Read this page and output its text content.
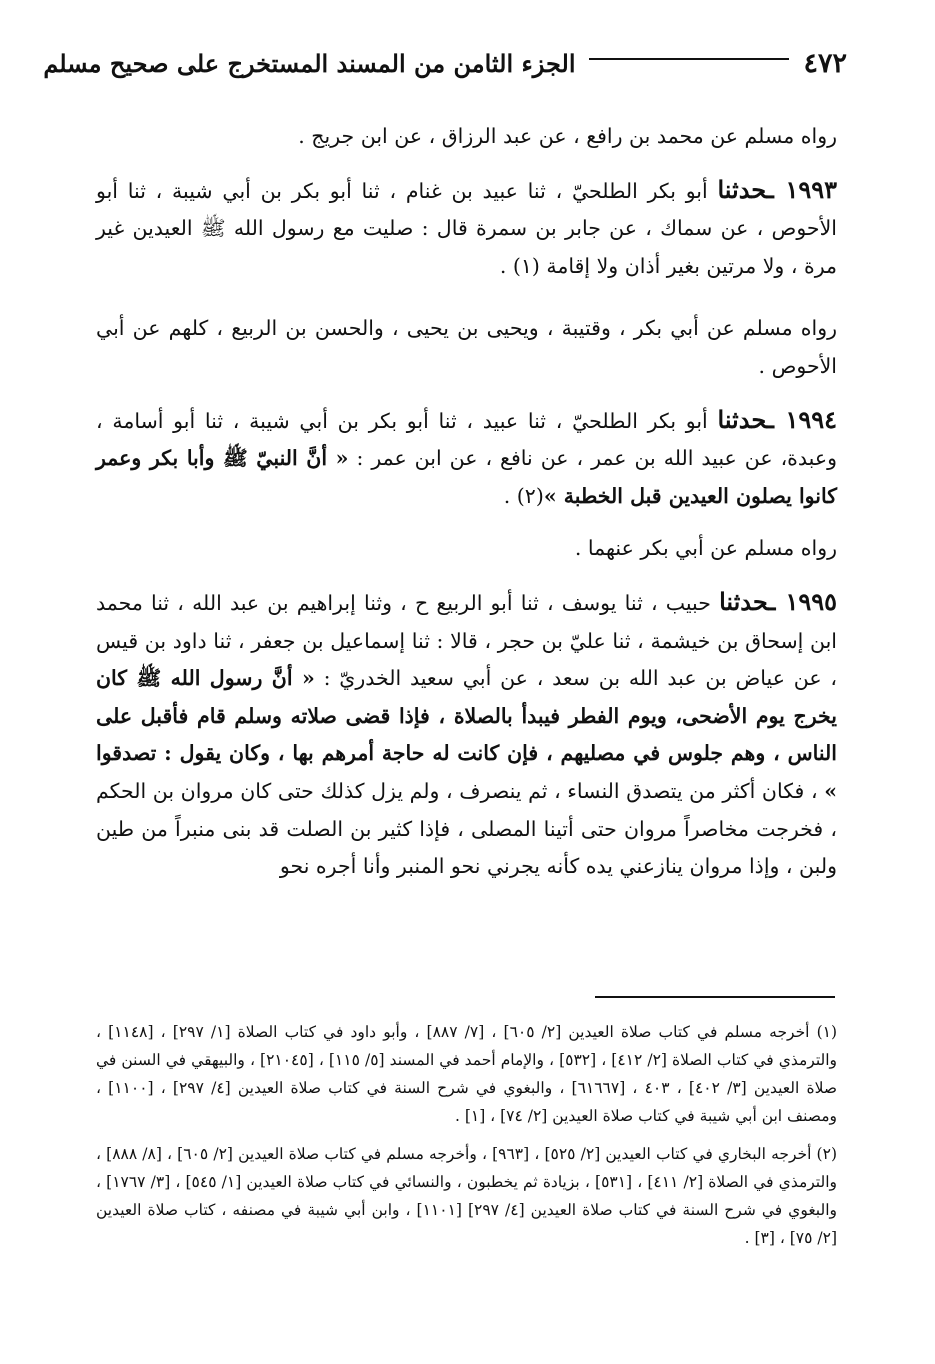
٤٧٢
الجزء الثامن من المسند المستخرج على صحيح مسلم

رواه مسلم عن محمد بن رافع ، عن عبد الرزاق ، عن ابن جريج .

١٩٩٣ ـحدثنا أبو بكر الطلحيّ ، ثنا عبيد بن غنام ، ثنا أبو بكر بن أبي شيبة ، ثنا أبو الأحوص ، عن سماك ، عن جابر بن سمرة قال : صليت مع رسول الله ﷺ العيدين غير مرة ، ولا مرتين بغير أذان ولا إقامة (١) .

رواه مسلم عن أبي بكر ، وقتيبة ، ويحيى بن يحيى ، والحسن بن الربيع ، كلهم عن أبي الأحوص .

١٩٩٤ ـحدثنا أبو بكر الطلحيّ ، ثنا عبيد ، ثنا أبو بكر بن أبي شيبة ، ثنا أبو أسامة ، وعبدة، عن عبيد الله بن عمر ، عن نافع ، عن ابن عمر : « أنَّ النبيّ ﷺ وأبا بكر وعمر كانوا يصلون العيدين قبل الخطبة »(٢) .

رواه مسلم عن أبي بكر عنهما .

١٩٩٥ ـحدثنا حبيب ، ثنا يوسف ، ثنا أبو الربيع ح ، وثنا إبراهيم بن عبد الله ، ثنا محمد ابن إسحاق بن خيشمة ، ثنا عليّ بن حجر ، قالا : ثنا إسماعيل بن جعفر ، ثنا داود بن قيس ، عن عياض بن عبد الله بن سعد ، عن أبي سعيد الخدريّ : « أنَّ رسول الله ﷺ كان يخرج يوم الأضحى، ويوم الفطر فيبدأ بالصلاة ، فإذا قضى صلاته وسلم قام فأقبل على الناس ، وهم جلوس في مصليهم ، فإن كانت له حاجة أمرهم بها ، وكان يقول : تصدقوا » ، فكان أكثر من يتصدق النساء ، ثم ينصرف ، ولم يزل كذلك حتى كان مروان بن الحكم ، فخرجت مخاصراً مروان حتى أتينا المصلى ، فإذا كثير بن الصلت قد بنى منبراً من طين ولبن ، وإذا مروان ينازعني يده كأنه يجرني نحو المنبر وأنا أجره نحو

(١) أخرجه مسلم في كتاب صلاة العيدين [٢/ ٦٠٥] ، [٧/ ٨٨٧] ، وأبو داود في كتاب الصلاة [١/ ٢٩٧] ، [١١٤٨] ، والترمذي في كتاب الصلاة [٢/ ٤١٢] ، [٥٣٢] ، والإمام أحمد في المسند [٥/ ١١٥] ، [٢١٠٤٥] ، والبيهقي في السنن في صلاة العيدين [٣/ ٤٠٢] ، ٤٠٣ ، [٦١٦٦٧] ، والبغوي في شرح السنة في كتاب صلاة العيدين [٤/ ٢٩٧] ، [١١٠٠] ، ومصنف ابن أبي شيبة في كتاب صلاة العيدين [٢/ ٧٤] ، [١] .

(٢) أخرجه البخاري في كتاب العيدين [٢/ ٥٢٥] ، [٩٦٣] ، وأخرجه مسلم في كتاب صلاة العيدين [٢/ ٦٠٥] ، [٨/ ٨٨٨] ، والترمذي في الصلاة [٢/ ٤١١] ، [٥٣١] ، بزيادة ثم يخطبون ، والنسائي في كتاب صلاة العيدين [١/ ٥٤٥] ، [٣/ ١٧٦٧] ، والبغوي في شرح السنة في كتاب صلاة العيدين [٤/ ٢٩٧] [١١٠١] ، وابن أبي شيبة في مصنفه ، كتاب صلاة العيدين [٢/ ٧٥] ، [٣] .
